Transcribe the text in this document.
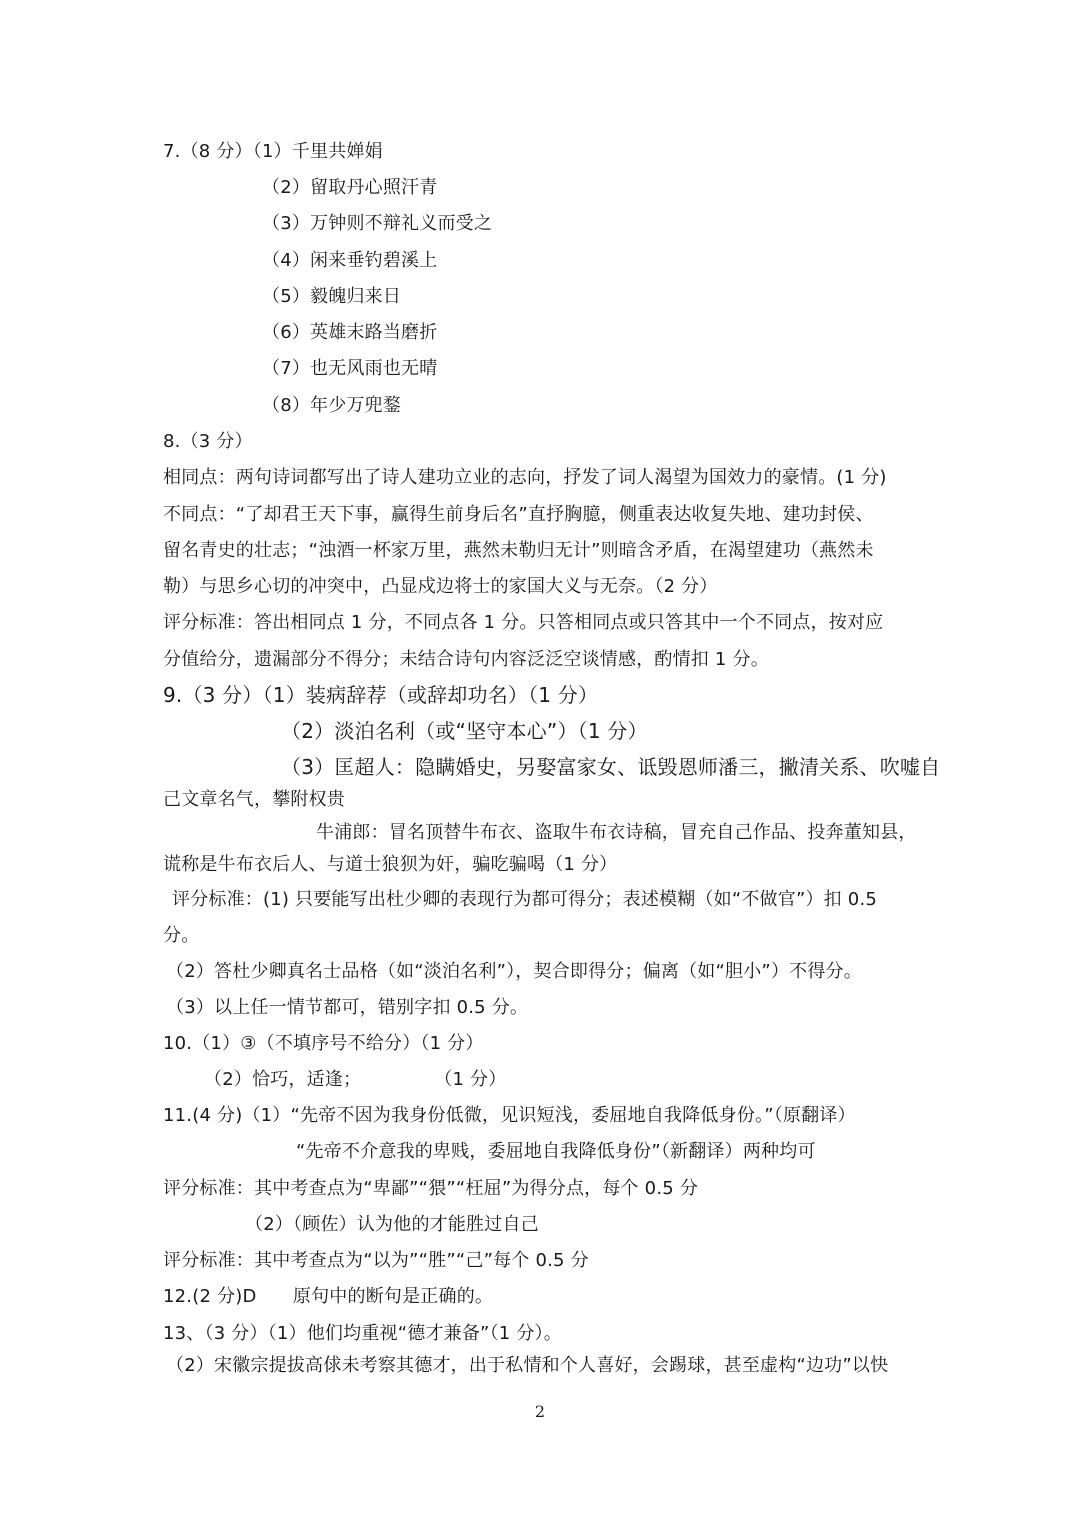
7.（8 分）（1）千里共婵娟
（2）留取丹心照汗青
（3）万钟则不辩礼义而受之
（4）闲来垂钓碧溪上
（5）毅魄归来日
（6）英雄末路当磨折
（7）也无风雨也无晴
（8）年少万兜鍪
8.（3 分）
相同点：两句诗词都写出了诗人建功立业的志向，抒发了词人渴望为国效力的豪情。(1 分)
不同点：“了却君王天下事，赢得生前身后名”直抒胸臆，侧重表达收复失地、建功封侯、
留名青史的壮志；“浊酒一杯家万里，燕然未勒归无计”则暗含矛盾，在渴望建功（燕然未
勒）与思乡心切的冲突中，凸显戍边将士的家国大义与无奈。（2 分）
评分标准：答出相同点 1 分，不同点各 1 分。只答相同点或只答其中一个不同点，按对应
分值给分，遗漏部分不得分；未结合诗句内容泛泛空谈情感，酌情扣 1 分。
9.（3 分）（1）装病辞荐（或辞却功名）（1 分）
（2）淡泊名利（或“坚守本心”）（1 分）
（3）匡超人：隐瞒婚史，另娶富家女、诋毁恩师潘三，撇清关系、吹嘘自
己文章名气，攀附权贵
牛浦郎：冒名顶替牛布衣、盗取牛布衣诗稿，冒充自己作品、投奔董知县，
谎称是牛布衣后人、与道士狼狈为奸，骗吃骗喝（1 分）
评分标准：(1) 只要能写出杜少卿的表现行为都可得分；表述模糊（如“不做官”）扣 0.5
分。
（2）答杜少卿真名士品格（如“淡泊名利”），契合即得分；偏离（如“胆小”）不得分。
（3）以上任一情节都可，错别字扣 0.5 分。
10.（1）③（不填序号不给分）（1 分）
（2）恰巧，适逢；　　　　　（1 分）
11.(4 分)（1）“先帝不因为我身份低微，见识短浅，委屈地自我降低身份。”（原翻译）
“先帝不介意我的卑贱，委屈地自我降低身份”（新翻译）两种均可
评分标准：其中考查点为“卑鄙”“猥”“枉屈”为得分点，每个 0.5 分
（2）（顾佐）认为他的才能胜过自己
评分标准：其中考查点为“以为”“胜”“己”每个 0.5 分
12.(2 分)D　　原句中的断句是正确的。
13、（3 分）（1）他们均重视“德才兼备”（1 分）。
（2）宋徽宗提拔高俅未考察其德才，出于私情和个人喜好，会踢球，甚至虚构“边功”以快
2
